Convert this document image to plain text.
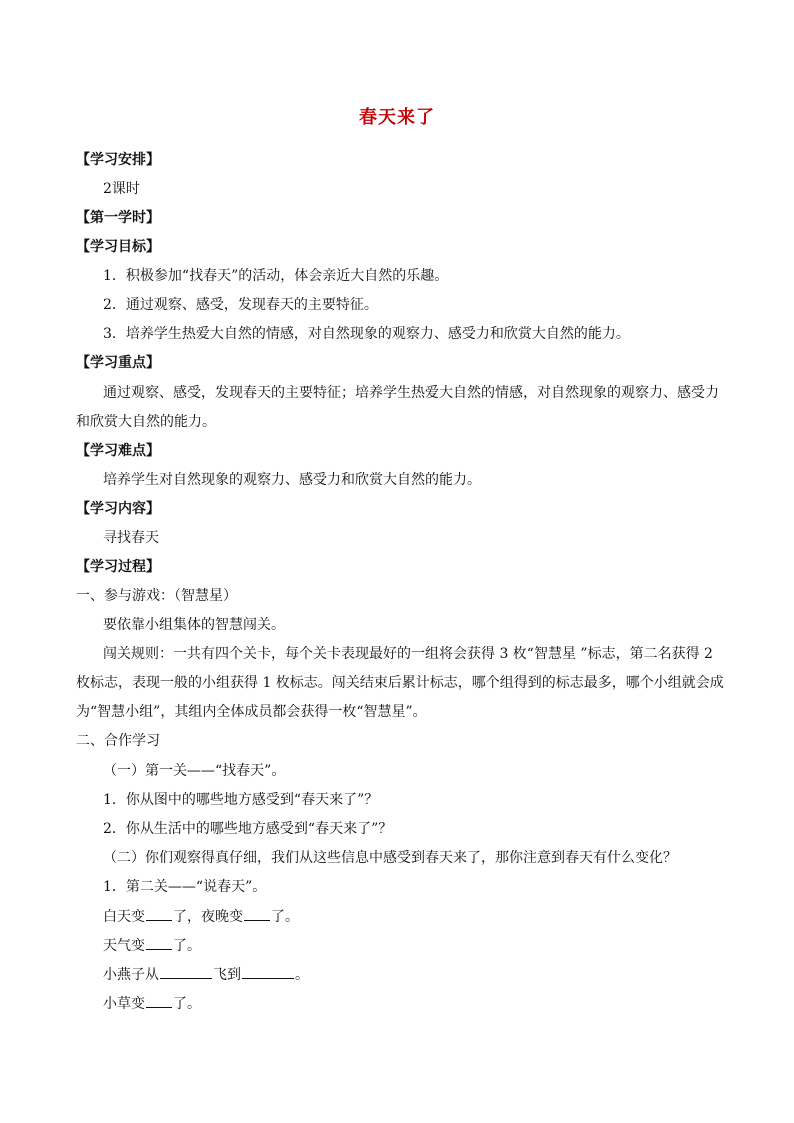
春天来了
【学习安排】
2课时
【第一学时】
【学习目标】
1．积极参加“找春天”的活动，体会亲近大自然的乐趣。
2．通过观察、感受，发现春天的主要特征。
3．培养学生热爱大自然的情感，对自然现象的观察力、感受力和欣赏大自然的能力。
【学习重点】
通过观察、感受，发现春天的主要特征；培养学生热爱大自然的情感，对自然现象的观察力、感受力
和欣赏大自然的能力。
【学习难点】
培养学生对自然现象的观察力、感受力和欣赏大自然的能力。
【学习内容】
寻找春天
【学习过程】
一、参与游戏：（智慧星）
要依靠小组集体的智慧闯关。
闯关规则：一共有四个关卡，每个关卡表现最好的一组将会获得 3 枚“智慧星 ”标志，第二名获得 2
枚标志，表现一般的小组获得 1 枚标志。闯关结束后累计标志，哪个组得到的标志最多，哪个小组就会成
为“智慧小组”，其组内全体成员都会获得一枚“智慧星”。
二、合作学习
（一）第一关——“找春天”。
1．你从图中的哪些地方感受到“春天来了”？
2．你从生活中的哪些地方感受到“春天来了”？
（二）你们观察得真仔细，我们从这些信息中感受到春天来了，那你注意到春天有什么变化？
1．第二关——“说春天”。
白天变 了，夜晚变 了。
天气变 了。
小燕子从	飞到	。
小草变 了。
